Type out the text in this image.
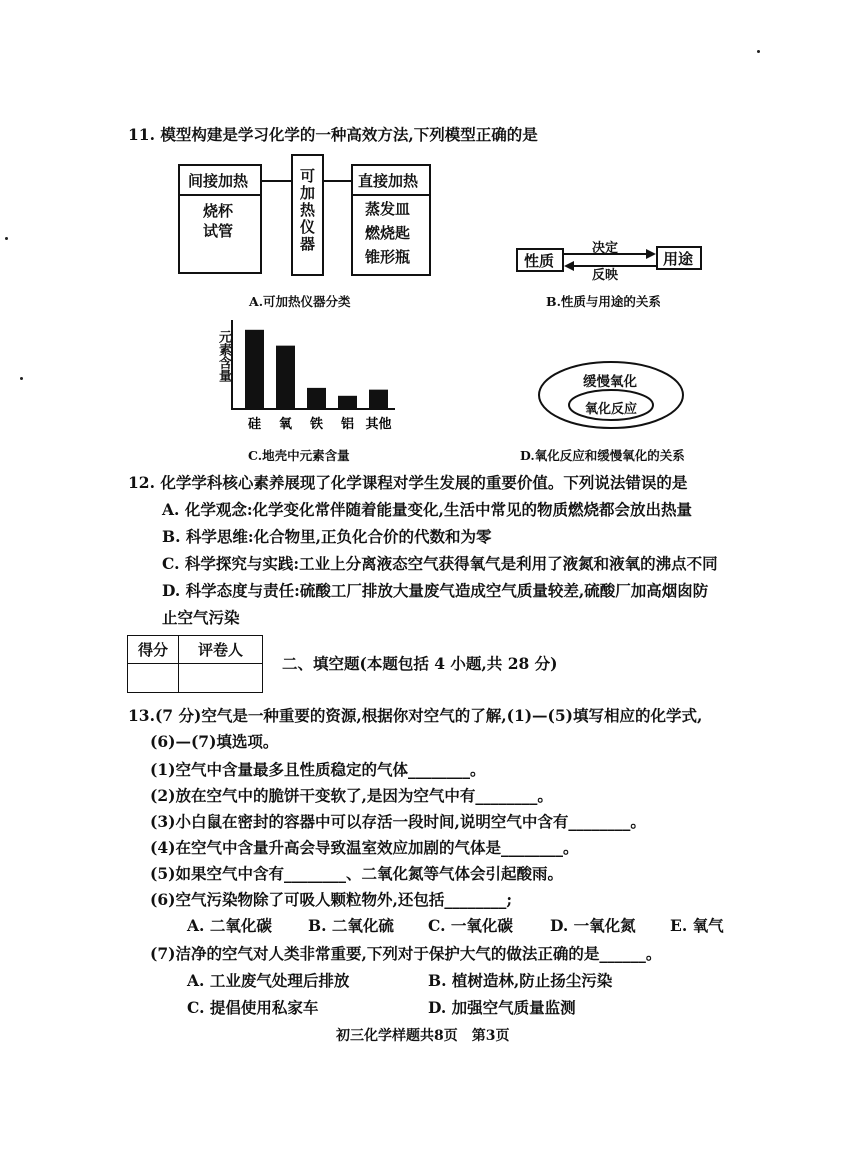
11. 模型构建是学习化学的一种高效方法,下列模型正确的是
间接加热
烧杯
试管	可加热仪器	直接加热
蒸发皿
燃烧匙
锥形瓶
A.可加热仪器分类
性质
决定
反映
用途
B.性质与用途的关系
硅 氧 铁 铝 其他
元素含量
C.地壳中元素含量
缓慢氧化
氧化反应
D.氧化反应和缓慢氧化的关系
12. 化学学科核心素养展现了化学课程对学生发展的重要价值。下列说法错误的是
A. 化学观念:化学变化常伴随着能量变化,生活中常见的物质燃烧都会放出热量
B. 科学思维:化合物里,正负化合价的代数和为零
C. 科学探究与实践:工业上分离液态空气获得氧气是利用了液氮和液氧的沸点不同
D. 科学态度与责任:硫酸工厂排放大量废气造成空气质量较差,硫酸厂加高烟囱防
止空气污染
得分	评卷人

二、填空题(本题包括 4 小题,共 28 分)
13.(7 分)空气是一种重要的资源,根据你对空气的了解,(1)—(5)填写相应的化学式,
(6)—(7)填选项。
(1)空气中含量最多且性质稳定的气体________。
(2)放在空气中的脆饼干变软了,是因为空气中有________。
(3)小白鼠在密封的容器中可以存活一段时间,说明空气中含有________。
(4)在空气中含量升高会导致温室效应加剧的气体是________。
(5)如果空气中含有________、二氧化氮等气体会引起酸雨。
(6)空气污染物除了可吸人颗粒物外,还包括________;
A. 二氧化碳 B. 二氧化硫 C. 一氧化碳 D. 一氧化氮 E. 氧气
(7)洁净的空气对人类非常重要,下列对于保护大气的做法正确的是______。
A. 工业废气处理后排放	B. 植树造林,防止扬尘污染
C. 提倡使用私家车	D. 加强空气质量监测
初三化学样题共8页　第3页
